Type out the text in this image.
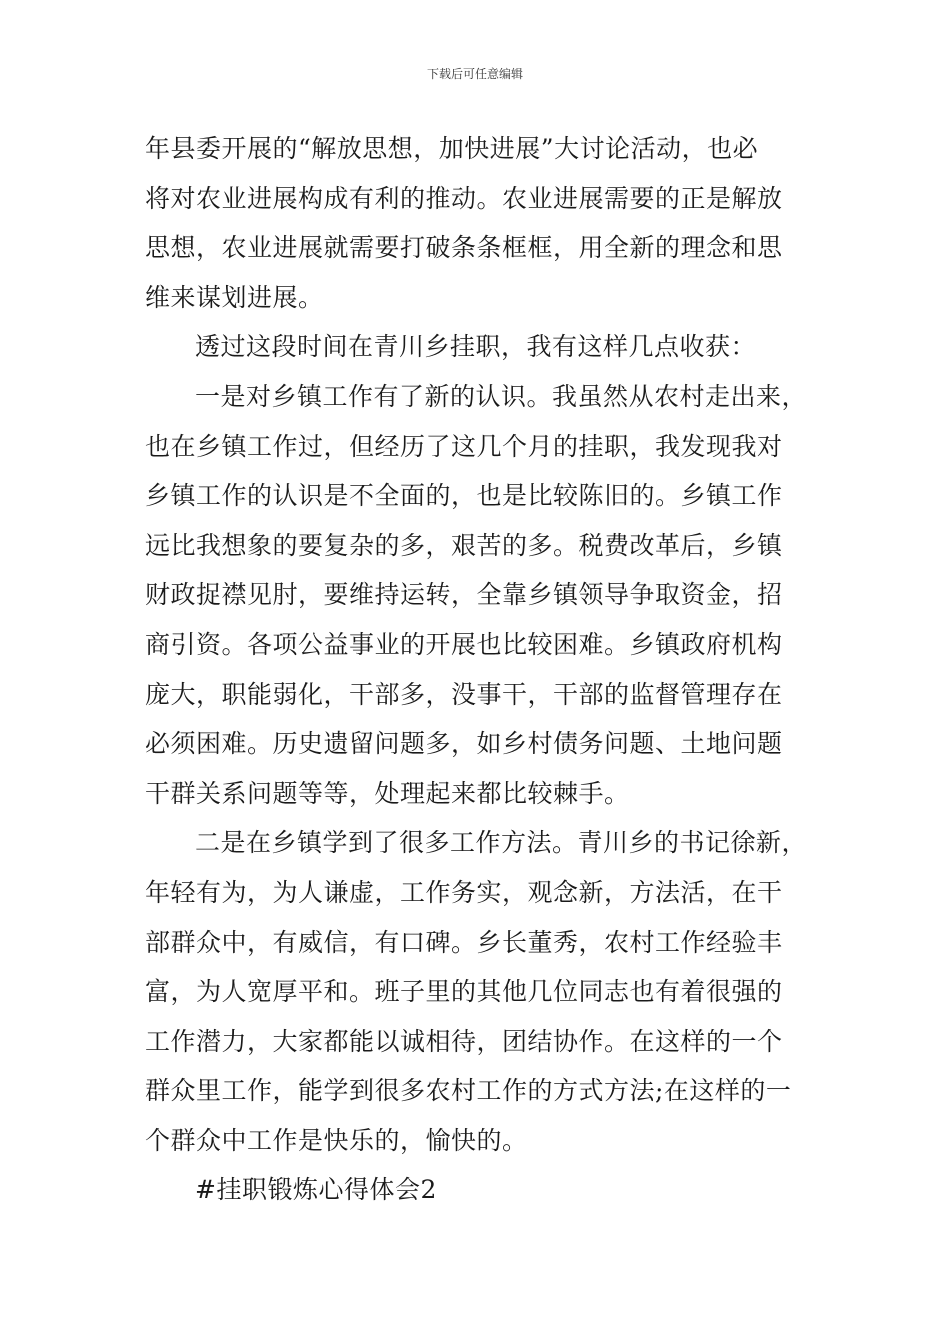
下载后可任意编辑

年县委开展的“解放思想，加快进展”大讨论活动，也必
将对农业进展构成有利的推动。农业进展需要的正是解放
思想，农业进展就需要打破条条框框，用全新的理念和思
维来谋划进展。

透过这段时间在青川乡挂职，我有这样几点收获：

一是对乡镇工作有了新的认识。我虽然从农村走出来，
也在乡镇工作过，但经历了这几个月的挂职，我发现我对
乡镇工作的认识是不全面的，也是比较陈旧的。乡镇工作
远比我想象的要复杂的多，艰苦的多。税费改革后，乡镇
财政捉襟见肘，要维持运转，全靠乡镇领导争取资金，招
商引资。各项公益事业的开展也比较困难。乡镇政府机构
庞大，职能弱化，干部多，没事干，干部的监督管理存在
必须困难。历史遗留问题多，如乡村债务问题、土地问题
干群关系问题等等，处理起来都比较棘手。

二是在乡镇学到了很多工作方法。青川乡的书记徐新，
年轻有为，为人谦虚，工作务实，观念新，方法活，在干
部群众中，有威信，有口碑。乡长董秀，农村工作经验丰
富，为人宽厚平和。班子里的其他几位同志也有着很强的
工作潜力，大家都能以诚相待，团结协作。在这样的一个
群众里工作，能学到很多农村工作的方式方法;在这样的一
个群众中工作是快乐的，愉快的。

#挂职锻炼心得体会2
